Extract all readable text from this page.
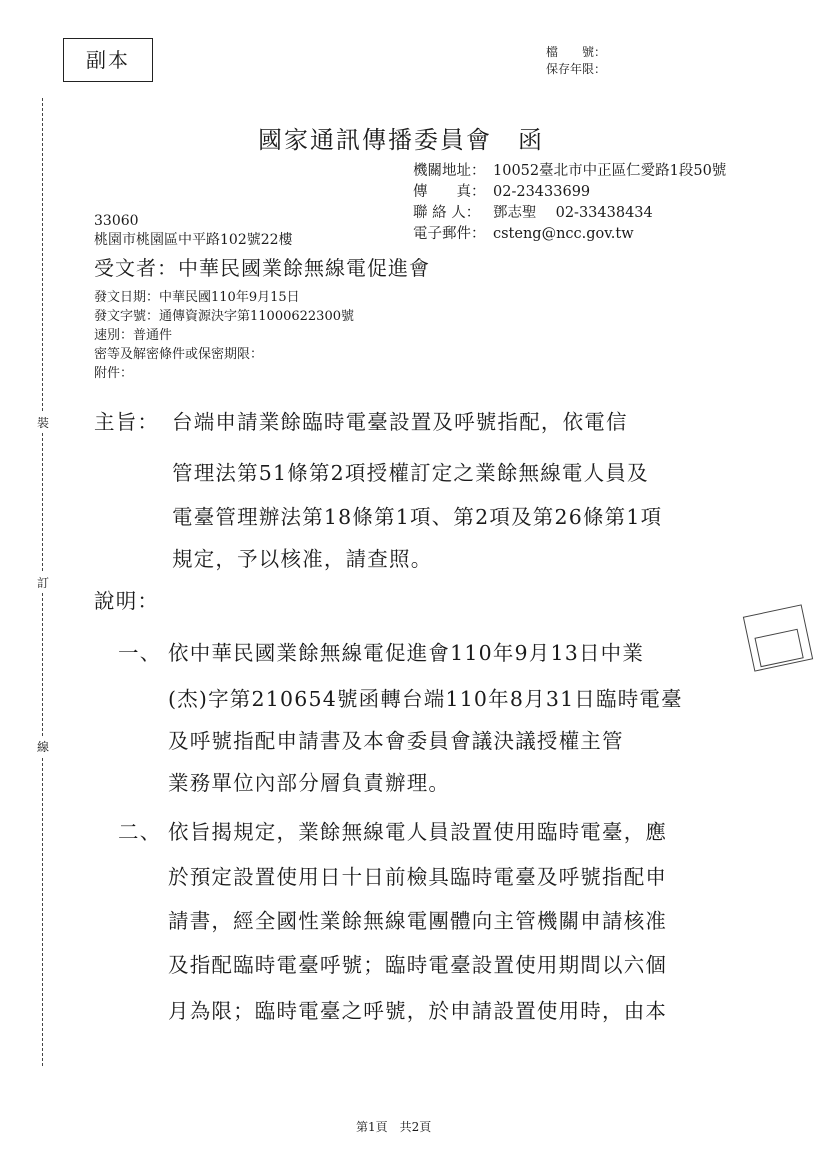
副本	檔　　號：
保存年限：
國家通訊傳播委員會　函
機關地址： 10052臺北市中正區仁愛路1段50號
傳　　真： 02-23433699
聯 絡 人： 鄧志聖　 02-33438434
電子郵件： csteng@ncc.gov.tw
33060
桃園市桃園區中平路102號22樓
受文者：中華民國業餘無線電促進會
發文日期：中華民國110年9月15日
發文字號：通傳資源決字第11000622300號
速別：普通件
密等及解密條件或保密期限：
附件：
主旨： 台端申請業餘臨時電臺設置及呼號指配，依電信
管理法第51條第2項授權訂定之業餘無線電人員及
電臺管理辦法第18條第1項、第2項及第26條第1項
規定，予以核准，請查照。
說明：
一、 依中華民國業餘無線電促進會110年9月13日中業
(杰)字第210654號函轉台端110年8月31日臨時電臺
及呼號指配申請書及本會委員會議決議授權主管
業務單位內部分層負責辦理。
二、 依旨揭規定，業餘無線電人員設置使用臨時電臺，應
於預定設置使用日十日前檢具臨時電臺及呼號指配申
請書，經全國性業餘無線電團體向主管機關申請核准
及指配臨時電臺呼號；臨時電臺設置使用期間以六個
月為限；臨時電臺之呼號，於申請設置使用時，由本
裝
訂
線
第1頁　共2頁
